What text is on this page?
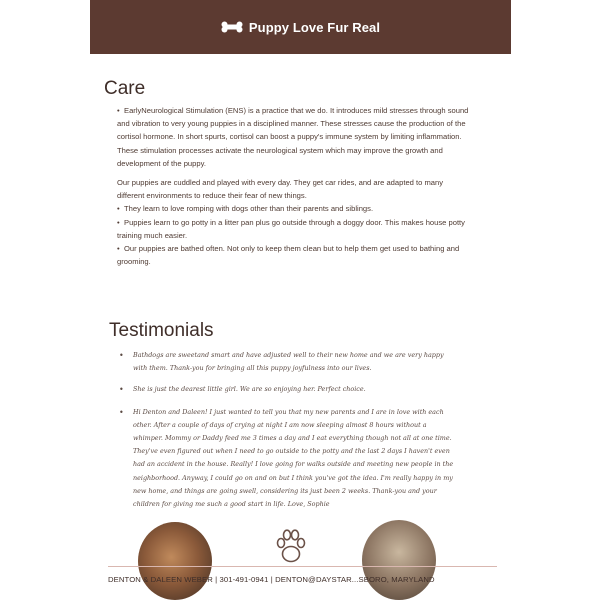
Puppy Love Fur Real
Care

• EarlyNeurological Stimulation (ENS) is a practice that we do. It introduces mild stresses through sound and vibration to very young puppies in a disciplined manner. These stresses cause the production of the cortisol hormone. In short spurts, cortisol can boost a puppy's immune system by limiting inflammation. These stimulation processes activate the neurological system which may improve the growth and development of the puppy.

Our puppies are cuddled and played with every day. They get car rides, and are adapted to many different environments to reduce their fear of new things.

• They learn to love romping with dogs other than their parents and siblings.

• Puppies learn to go potty in a litter pan plus go outside through a doggy door. This makes house potty training much easier.

• Our puppies are bathed often. Not only to keep them clean but to help them get used to bathing and grooming.

Testimonials
• Bathdogs are sweetand smart and have adjusted well to their new home and we are very happy with them. Thank-you for bringing all this puppy joyfulness into our lives.
• She is just the dearest little girl. We are so enjoying her. Perfect choice.
• Hi Denton and Daleen! I just wanted to tell you that my new parents and I are in love with each other. After a couple of days of crying at night I am now sleeping almost 8 hours without a whimper. Mommy or Daddy feed me 3 times a day and I eat everything though not all at one time. They've even figured out when I need to go outside to the potty and the last 2 days I haven't even had an accident in the house. Really! I love going for walks outside and meeting new people in the neighborhood. Anyway, I could go on and on but I think you've got the idea. I'm really happy in my new home, and things are going swell, considering its just been 2 weeks. Thank-you and your children for giving me such a good start in life. Love, Sophie
DENTON & DALEEN WEBER | 301-491-0941 | DENTON@DAYSTAR...SBORO, MARYLAND
